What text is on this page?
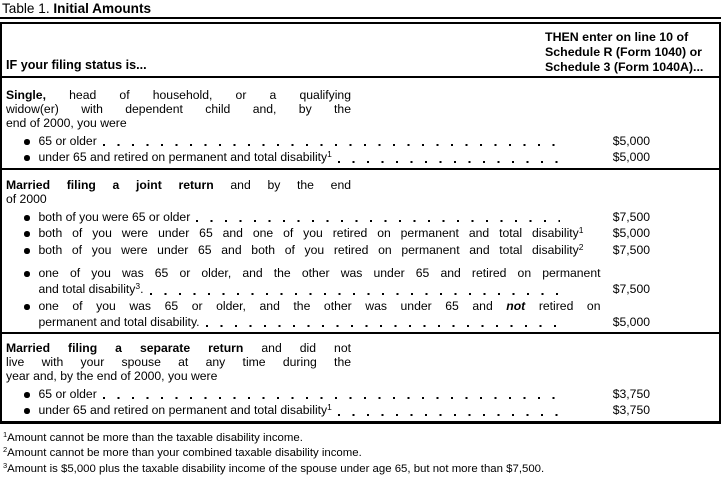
Table 1. Initial Amounts
IF your filing status is...
THEN enter on line 10 of
Schedule R (Form 1040) or
Schedule 3 (Form 1040A)...
Single, head of household, or a qualifying
widow(er) with dependent child and, by the
end of 2000, you were
65 or older	$5,000
under 65 and retired on permanent and total disability$^1$	$5,000
Married filing a joint return and by the end
of 2000
both of you were 65 or older	$7,500
both of you were under 65 and one of you retired on permanent and total disability$^1$	$5,000
both of you were under 65 and both of you retired on permanent and total disability$^2$	$7,500
one of you was 65 or older, and the other was under 65 and retired on permanent
and total disability$^3$.	$7,500
one of you was 65 or older, and the other was under 65 and not retired on
permanent and total disability.	$5,000
Married filing a separate return and did not
live with your spouse at any time during the
year and, by the end of 2000, you were
65 or older	$3,750
under 65 and retired on permanent and total disability$^1$	$3,750
$^1$Amount cannot be more than the taxable disability income.
$^2$Amount cannot be more than your combined taxable disability income.
$^3$Amount is $5,000 plus the taxable disability income of the spouse under age 65, but not more than $7,500.
